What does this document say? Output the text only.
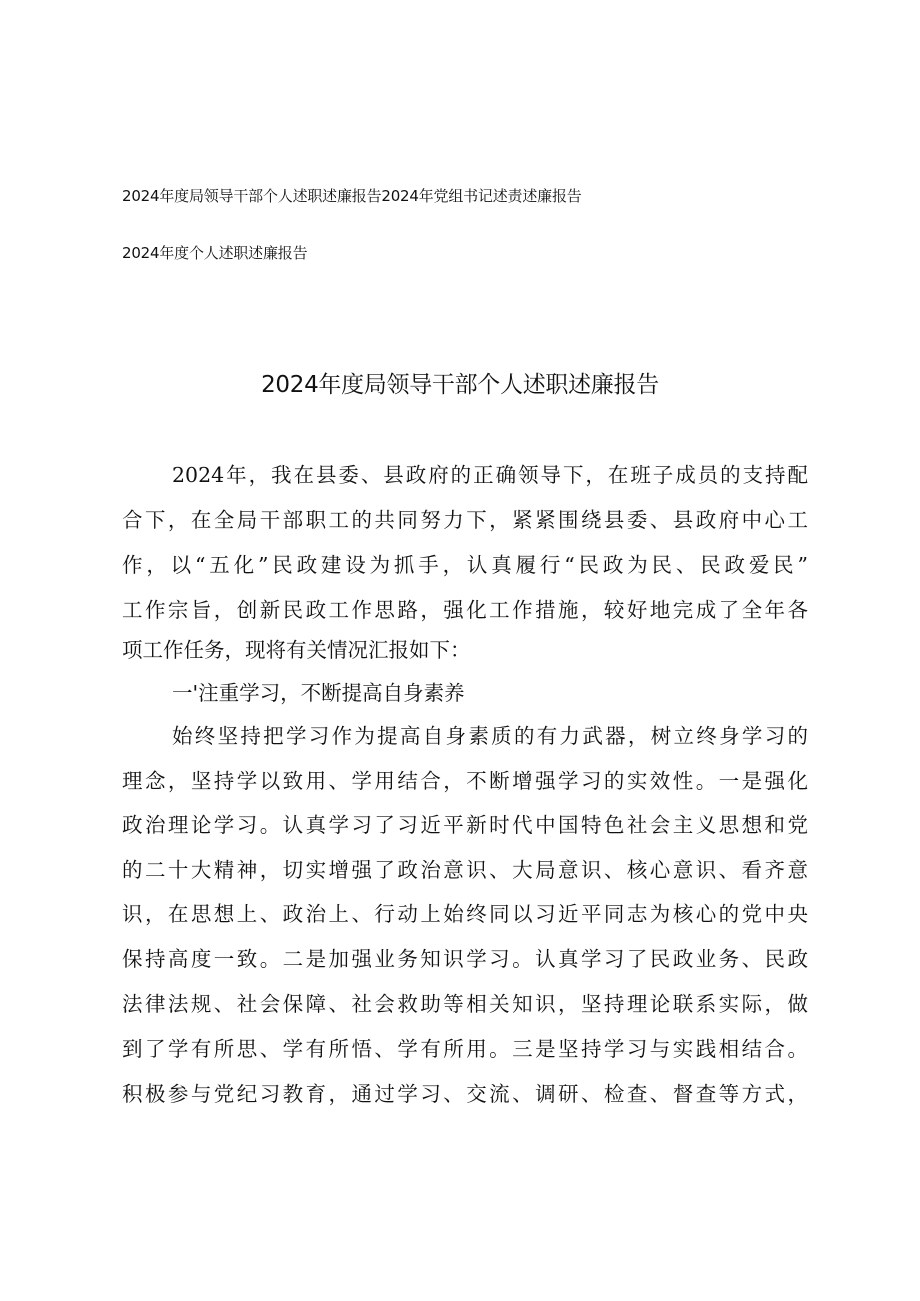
2024年度局领导干部个人述职述廉报告2024年党组书记述责述廉报告
2024年度个人述职述廉报告
2024年度局领导干部个人述职述廉报告
2024年，我在县委、县政府的正确领导下，在班子成员的支持配
合下，在全局干部职工的共同努力下，紧紧围绕县委、县政府中心工
作，以“五化”民政建设为抓手，认真履行“民政为民、民政爱民”
工作宗旨，创新民政工作思路，强化工作措施，较好地完成了全年各
项工作任务，现将有关情况汇报如下：
一'注重学习，不断提高自身素养
始终坚持把学习作为提高自身素质的有力武器，树立终身学习的
理念，坚持学以致用、学用结合，不断增强学习的实效性。一是强化
政治理论学习。认真学习了习近平新时代中国特色社会主义思想和党
的二十大精神，切实增强了政治意识、大局意识、核心意识、看齐意
识，在思想上、政治上、行动上始终同以习近平同志为核心的党中央
保持高度一致。二是加强业务知识学习。认真学习了民政业务、民政
法律法规、社会保障、社会救助等相关知识，坚持理论联系实际，做
到了学有所思、学有所悟、学有所用。三是坚持学习与实践相结合。
积极参与党纪习教育，通过学习、交流、调研、检查、督查等方式，
